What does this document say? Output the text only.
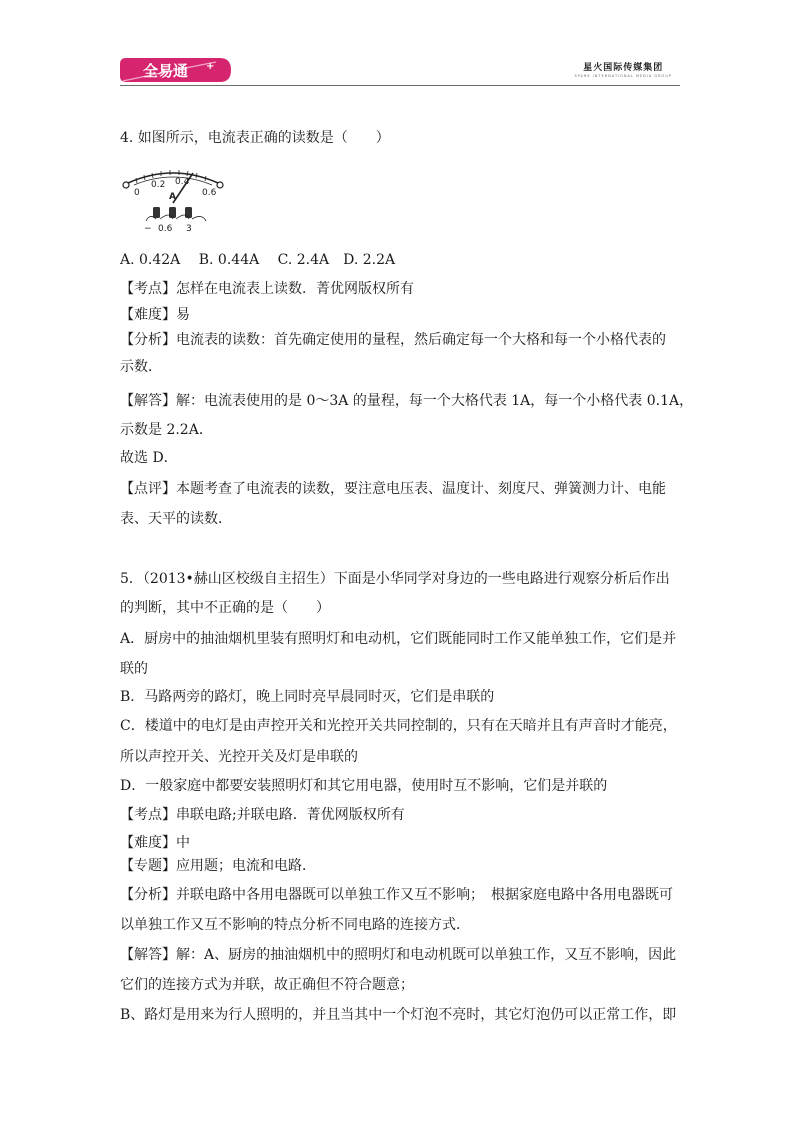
全易通 +	星火国际传媒集团
SPARK INTERNATIONAL MEDIA GROUP
4. 如图所示，电流表正确的读数是（　　）
0
0.2 0.4
0.6
A
− 0.6 3
A. 0.42A　 B. 0.44A　 C. 2.4A　D. 2.2A
【考点】怎样在电流表上读数．菁优网版权所有
【难度】易
【分析】电流表的读数：首先确定使用的量程，然后确定每一个大格和每一个小格代表的
示数．
【解答】解：电流表使用的是 0～3A 的量程，每一个大格代表 1A，每一个小格代表 0.1A，
示数是 2.2A．
故选 D．
【点评】本题考查了电流表的读数，要注意电压表、温度计、刻度尺、弹簧测力计、电能
表、天平的读数．
5．（2013•赫山区校级自主招生）下面是小华同学对身边的一些电路进行观察分析后作出
的判断，其中不正确的是（　　）
A．厨房中的抽油烟机里装有照明灯和电动机，它们既能同时工作又能单独工作，它们是并
联的
B．马路两旁的路灯，晚上同时亮早晨同时灭，它们是串联的
C．楼道中的电灯是由声控开关和光控开关共同控制的，只有在天暗并且有声音时才能亮，
所以声控开关、光控开关及灯是串联的
D．一般家庭中都要安装照明灯和其它用电器，使用时互不影响，它们是并联的
【考点】串联电路;并联电路．菁优网版权所有
【难度】中
【专题】应用题；电流和电路．
【分析】并联电路中各用电器既可以单独工作又互不影响；　根据家庭电路中各用电器既可
以单独工作又互不影响的特点分析不同电路的连接方式．
【解答】解：A、厨房的抽油烟机中的照明灯和电动机既可以单独工作，又互不影响，因此
它们的连接方式为并联，故正确但不符合题意；
B、路灯是用来为行人照明的，并且当其中一个灯泡不亮时，其它灯泡仍可以正常工作，即
